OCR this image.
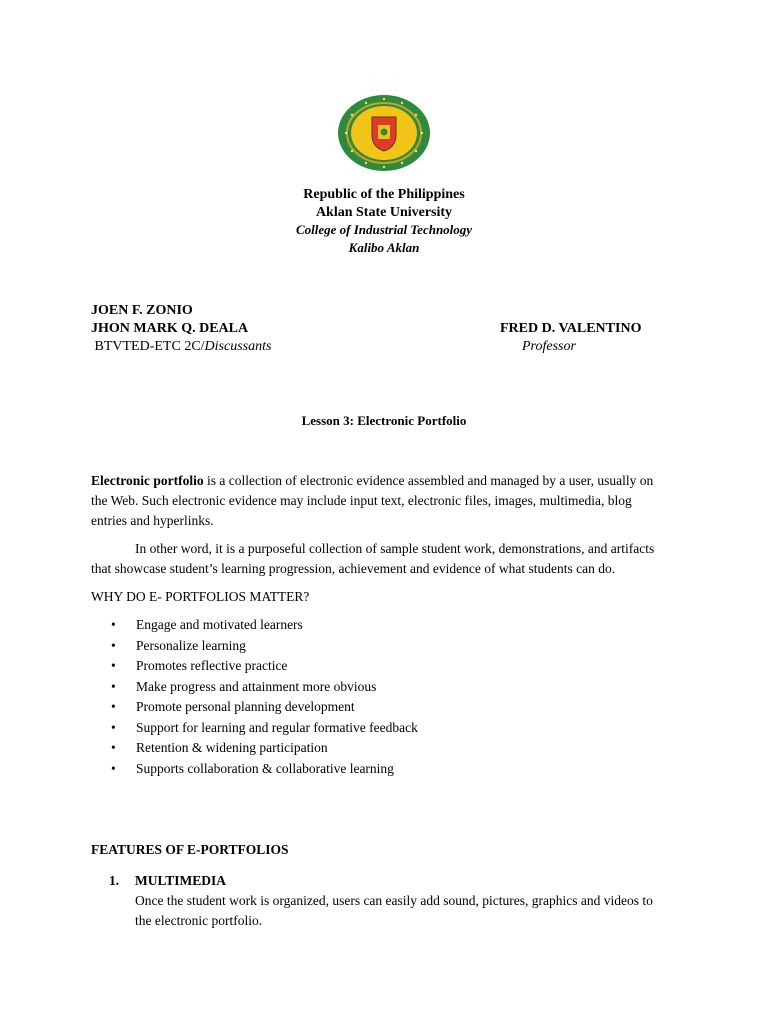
Republic of the Philippines
Aklan State University
College of Industrial Technology
Kalibo Aklan
JOEN F. ZONIO
JHON MARK Q. DEALA	FRED D. VALENTINO
BTVTED-ETC 2C/Discussants	Professor
Lesson 3: Electronic Portfolio

Electronic portfolio is a collection of electronic evidence assembled and managed by a user, usually on the Web. Such electronic evidence may include input text, electronic files, images, multimedia, blog entries and hyperlinks.

In other word, it is a purposeful collection of sample student work, demonstrations, and artifacts that showcase student’s learning progression, achievement and evidence of what students can do.

WHY DO E- PORTFOLIOS MATTER?

• Engage and motivated learners
• Personalize learning
• Promotes reflective practice
• Make progress and attainment more obvious
• Promote personal planning development
• Support for learning and regular formative feedback
• Retention & widening participation
• Supports collaboration & collaborative learning
FEATURES OF E-PORTFOLIOS
1. MULTIMEDIA
Once the student work is organized, users can easily add sound, pictures, graphics and videos to the electronic portfolio.
